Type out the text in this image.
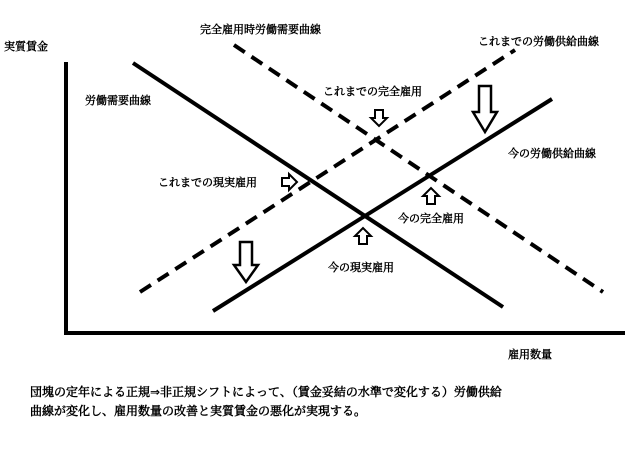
実質賃金
雇用数量
完全雇用時労働需要曲線
これまでの労働供給曲線
労働需要曲線
これまでの完全雇用
今の労働供給曲線
これまでの現実雇用
今の完全雇用
今の現実雇用
団塊の定年による正規⇒非正規シフトによって、（賃金妥結の水準で変化する）労働供給
曲線が変化し、雇用数量の改善と実質賃金の悪化が実現する。
